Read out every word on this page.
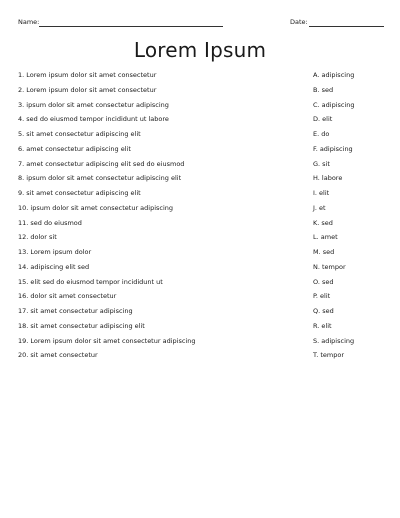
Name:	Date:
Lorem Ipsum
1. Lorem ipsum dolor sit amet consectetur
2. Lorem ipsum dolor sit amet consectetur
3. ipsum dolor sit amet consectetur adipiscing
4. sed do eiusmod tempor incididunt ut labore
5. sit amet consectetur adipiscing elit
6. amet consectetur adipiscing elit
7. amet consectetur adipiscing elit sed do eiusmod
8. ipsum dolor sit amet consectetur adipiscing elit
9. sit amet consectetur adipiscing elit
10. ipsum dolor sit amet consectetur adipiscing
11. sed do eiusmod
12. dolor sit
13. Lorem ipsum dolor
14. adipiscing elit sed
15. elit sed do eiusmod tempor incididunt ut
16. dolor sit amet consectetur
17. sit amet consectetur adipiscing
18. sit amet consectetur adipiscing elit
19. Lorem ipsum dolor sit amet consectetur adipiscing
20. sit amet consectetur
A. adipiscing
B. sed
C. adipiscing
D. elit
E. do
F. adipiscing
G. sit
H. labore
I. elit
J. et
K. sed
L. amet
M. sed
N. tempor
O. sed
P. elit
Q. sed
R. elit
S. adipiscing
T. tempor
